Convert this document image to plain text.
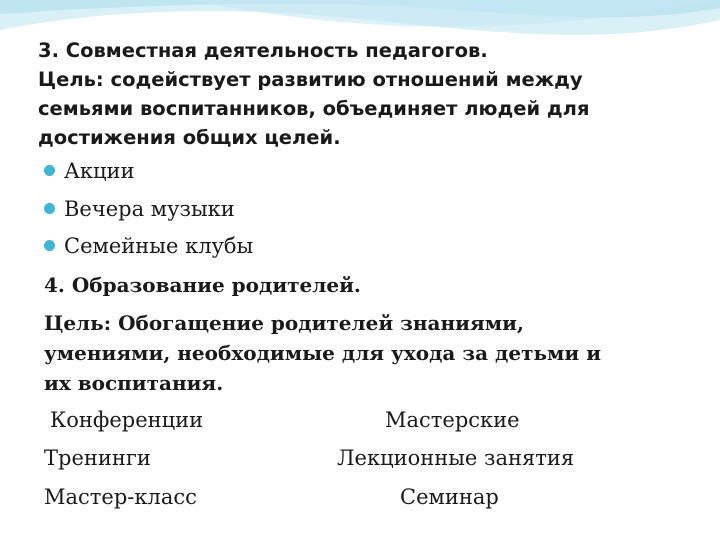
3. Совместная деятельность педагогов.
Цель: содействует развитию отношений между
семьями воспитанников, объединяет людей для
достижения общих целей.
Акции
Вечера музыки
Семейные клубы
4. Образование родителей.
Цель: Обогащение родителей знаниями,
умениями, необходимые для ухода за детьми и
их воспитания.
Конференции
Тренинги
Мастер-класс
Мастерские
Лекционные занятия
Семинар
